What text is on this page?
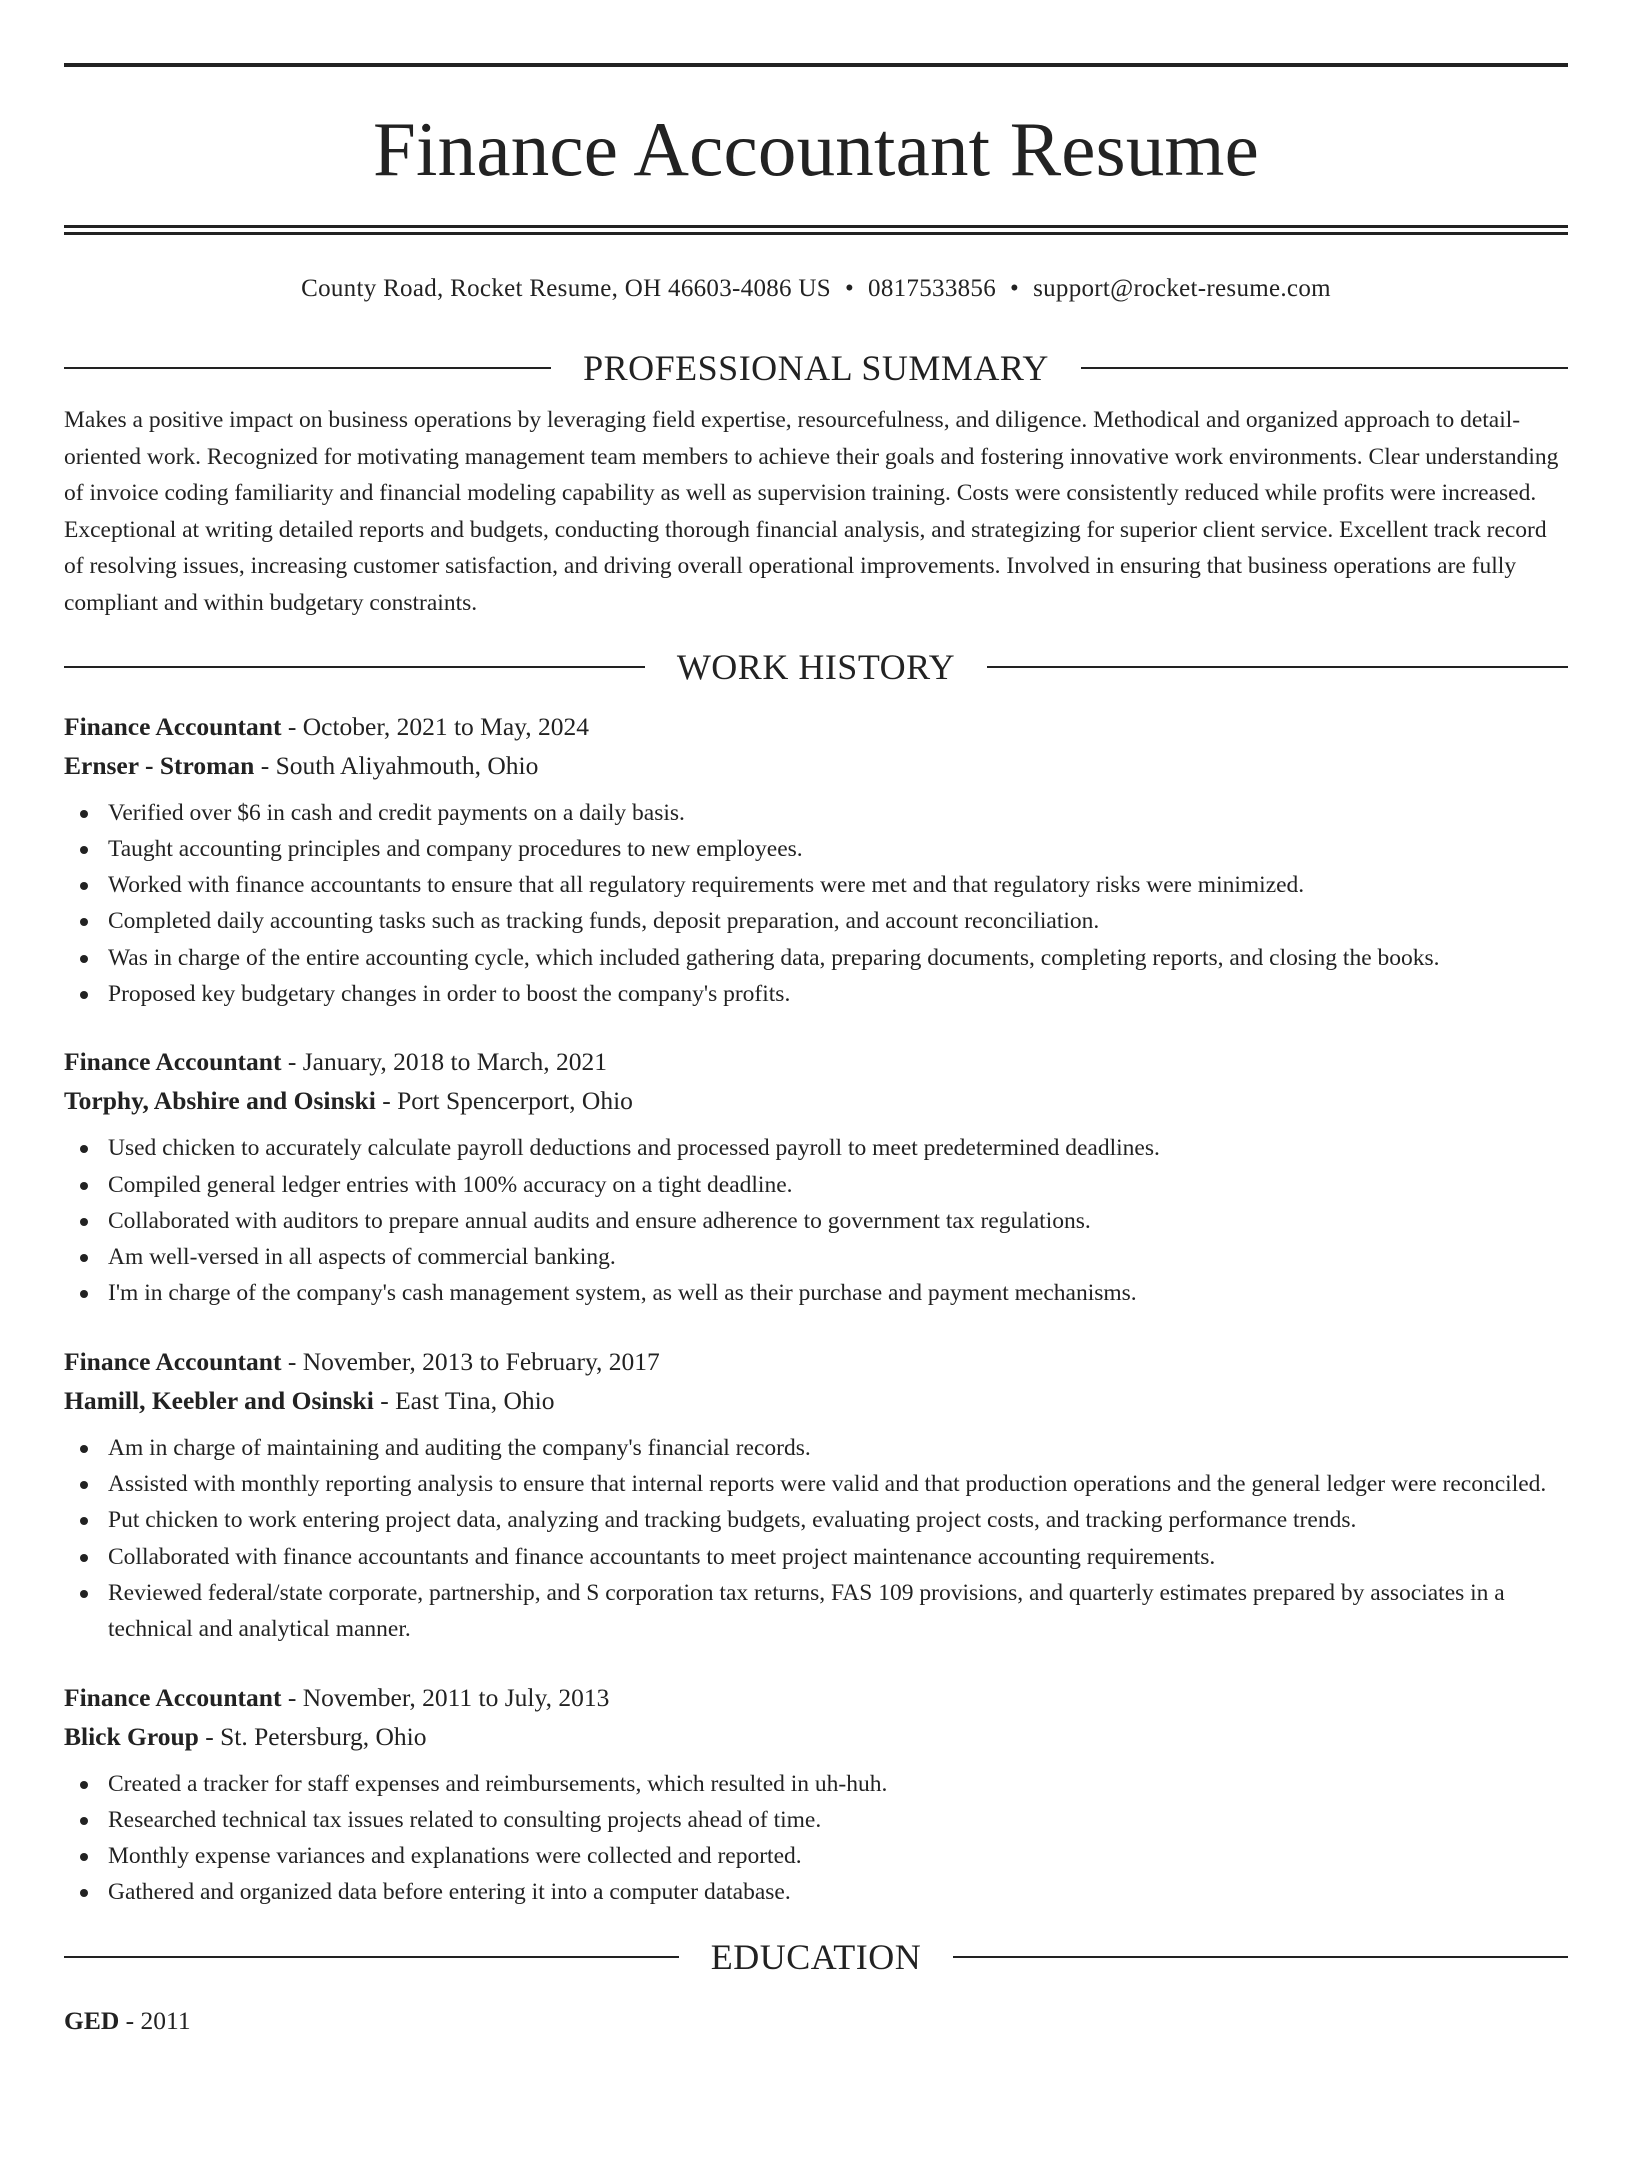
Finance Accountant Resume
County Road, Rocket Resume, OH 46603-4086 US • 0817533856 • support@rocket-resume.com
PROFESSIONAL SUMMARY

Makes a positive impact on business operations by leveraging field expertise, resourcefulness, and diligence. Methodical and organized approach to detail-oriented work. Recognized for motivating management team members to achieve their goals and fostering innovative work environments. Clear understanding of invoice coding familiarity and financial modeling capability as well as supervision training. Costs were consistently reduced while profits were increased. Exceptional at writing detailed reports and budgets, conducting thorough financial analysis, and strategizing for superior client service. Excellent track record of resolving issues, increasing customer satisfaction, and driving overall operational improvements. Involved in ensuring that business operations are fully compliant and within budgetary constraints.

WORK HISTORY
Finance Accountant - October, 2021 to May, 2024
Ernser - Stroman - South Aliyahmouth, Ohio
Verified over $6 in cash and credit payments on a daily basis.
Taught accounting principles and company procedures to new employees.
Worked with finance accountants to ensure that all regulatory requirements were met and that regulatory risks were minimized.
Completed daily accounting tasks such as tracking funds, deposit preparation, and account reconciliation.
Was in charge of the entire accounting cycle, which included gathering data, preparing documents, completing reports, and closing the books.
Proposed key budgetary changes in order to boost the company's profits.
Finance Accountant - January, 2018 to March, 2021
Torphy, Abshire and Osinski - Port Spencerport, Ohio
Used chicken to accurately calculate payroll deductions and processed payroll to meet predetermined deadlines.
Compiled general ledger entries with 100% accuracy on a tight deadline.
Collaborated with auditors to prepare annual audits and ensure adherence to government tax regulations.
Am well-versed in all aspects of commercial banking.
I'm in charge of the company's cash management system, as well as their purchase and payment mechanisms.
Finance Accountant - November, 2013 to February, 2017
Hamill, Keebler and Osinski - East Tina, Ohio
Am in charge of maintaining and auditing the company's financial records.
Assisted with monthly reporting analysis to ensure that internal reports were valid and that production operations and the general ledger were reconciled.
Put chicken to work entering project data, analyzing and tracking budgets, evaluating project costs, and tracking performance trends.
Collaborated with finance accountants and finance accountants to meet project maintenance accounting requirements.
Reviewed federal/state corporate, partnership, and S corporation tax returns, FAS 109 provisions, and quarterly estimates prepared by associates in a technical and analytical manner.
Finance Accountant - November, 2011 to July, 2013
Blick Group - St. Petersburg, Ohio
Created a tracker for staff expenses and reimbursements, which resulted in uh-huh.
Researched technical tax issues related to consulting projects ahead of time.
Monthly expense variances and explanations were collected and reported.
Gathered and organized data before entering it into a computer database.
EDUCATION
GED - 2011
